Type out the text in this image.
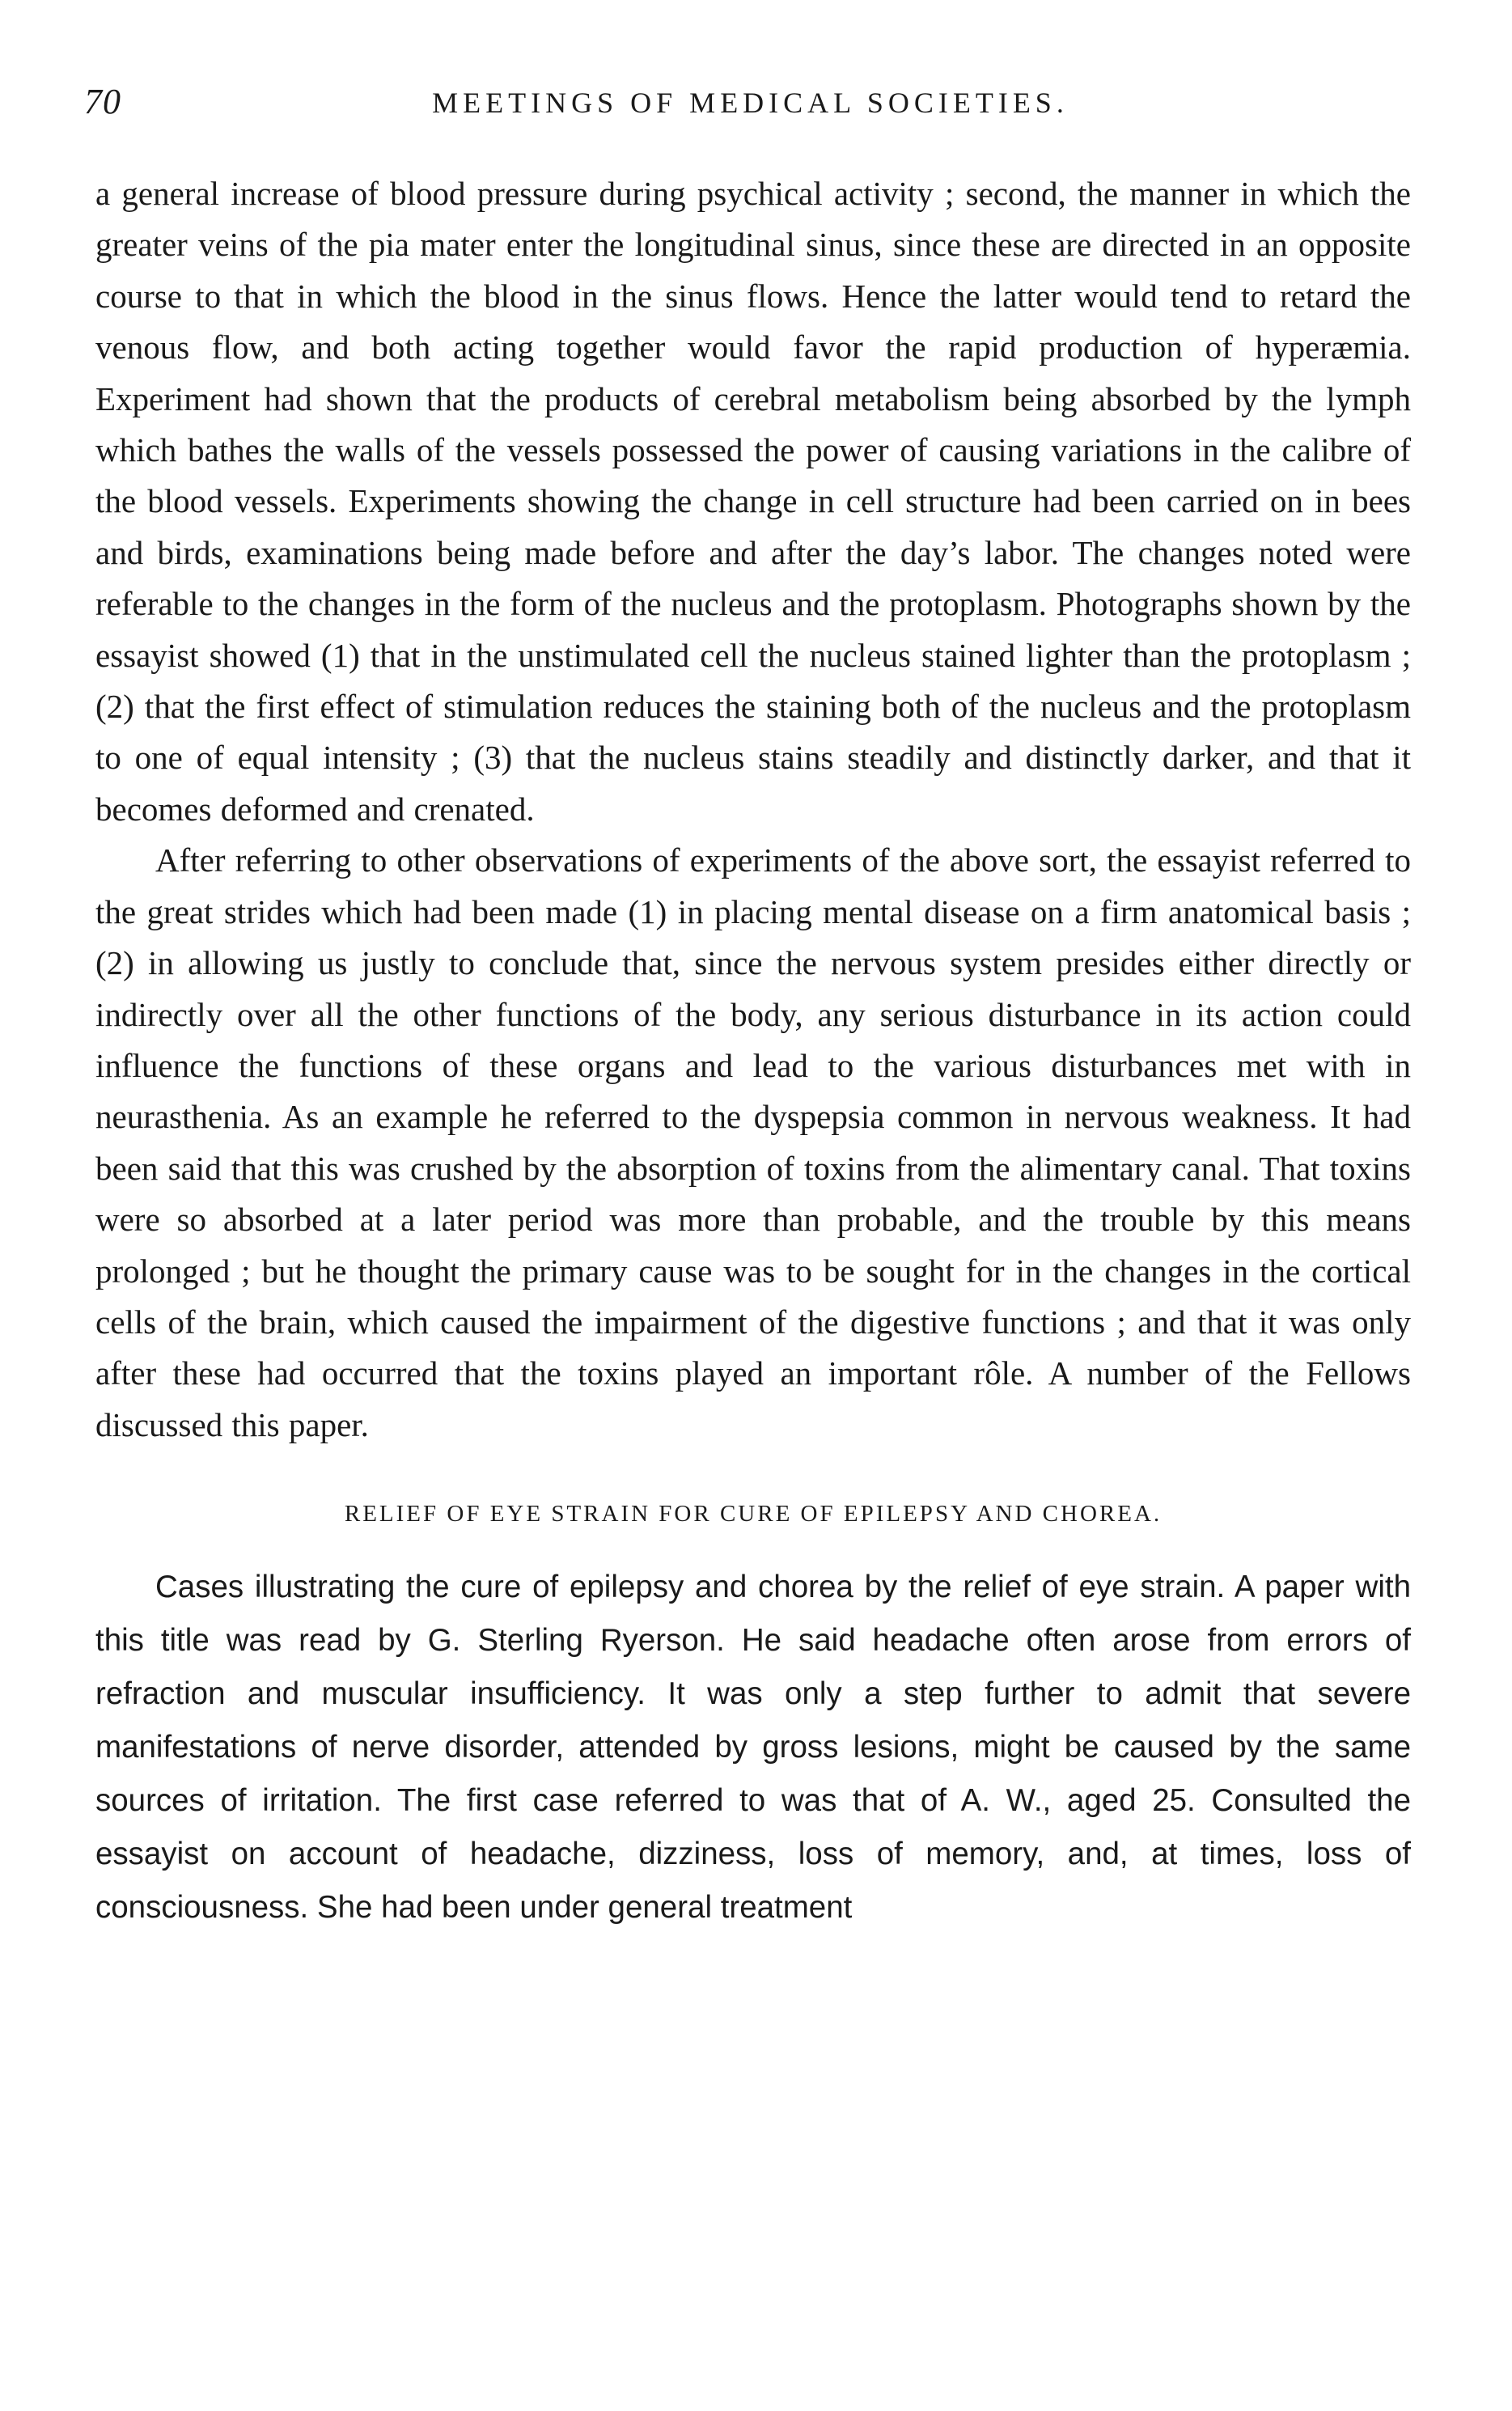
70	MEETINGS OF MEDICAL SOCIETIES.

a general increase of blood pressure during psychical activity ; second, the manner in which the greater veins of the pia mater enter the longitudinal sinus, since these are directed in an opposite course to that in which the blood in the sinus flows. Hence the latter would tend to retard the venous flow, and both acting together would favor the rapid production of hyperæmia. Experiment had shown that the products of cerebral metabolism being absorbed by the lymph which bathes the walls of the vessels possessed the power of causing variations in the calibre of the blood vessels. Experiments showing the change in cell structure had been carried on in bees and birds, examinations being made before and after the day’s labor. The changes noted were referable to the changes in the form of the nucleus and the protoplasm. Photographs shown by the essayist showed (1) that in the unstimulated cell the nucleus stained lighter than the protoplasm ; (2) that the first effect of stimulation reduces the staining both of the nucleus and the protoplasm to one of equal intensity ; (3) that the nucleus stains steadily and distinctly darker, and that it becomes deformed and crenated.

After referring to other observations of experiments of the above sort, the essayist referred to the great strides which had been made (1) in placing mental disease on a firm anatomical basis ; (2) in allowing us justly to conclude that, since the nervous system presides either directly or indirectly over all the other functions of the body, any serious disturbance in its action could influence the functions of these organs and lead to the various disturbances met with in neurasthenia. As an example he referred to the dyspepsia common in nervous weakness. It had been said that this was crushed by the absorption of toxins from the alimentary canal. That toxins were so absorbed at a later period was more than probable, and the trouble by this means prolonged ; but he thought the primary cause was to be sought for in the changes in the cortical cells of the brain, which caused the impairment of the digestive functions ; and that it was only after these had occurred that the toxins played an important rôle. A number of the Fellows discussed this paper.

RELIEF OF EYE STRAIN FOR CURE OF EPILEPSY AND CHOREA.

Cases illustrating the cure of epilepsy and chorea by the relief of eye strain. A paper with this title was read by G. Sterling Ryerson. He said headache often arose from errors of refraction and muscular insufficiency. It was only a step further to admit that severe manifestations of nerve disorder, attended by gross lesions, might be caused by the same sources of irritation. The first case referred to was that of A. W., aged 25. Consulted the essayist on account of headache, dizziness, loss of memory, and, at times, loss of consciousness. She had been under general treatment
